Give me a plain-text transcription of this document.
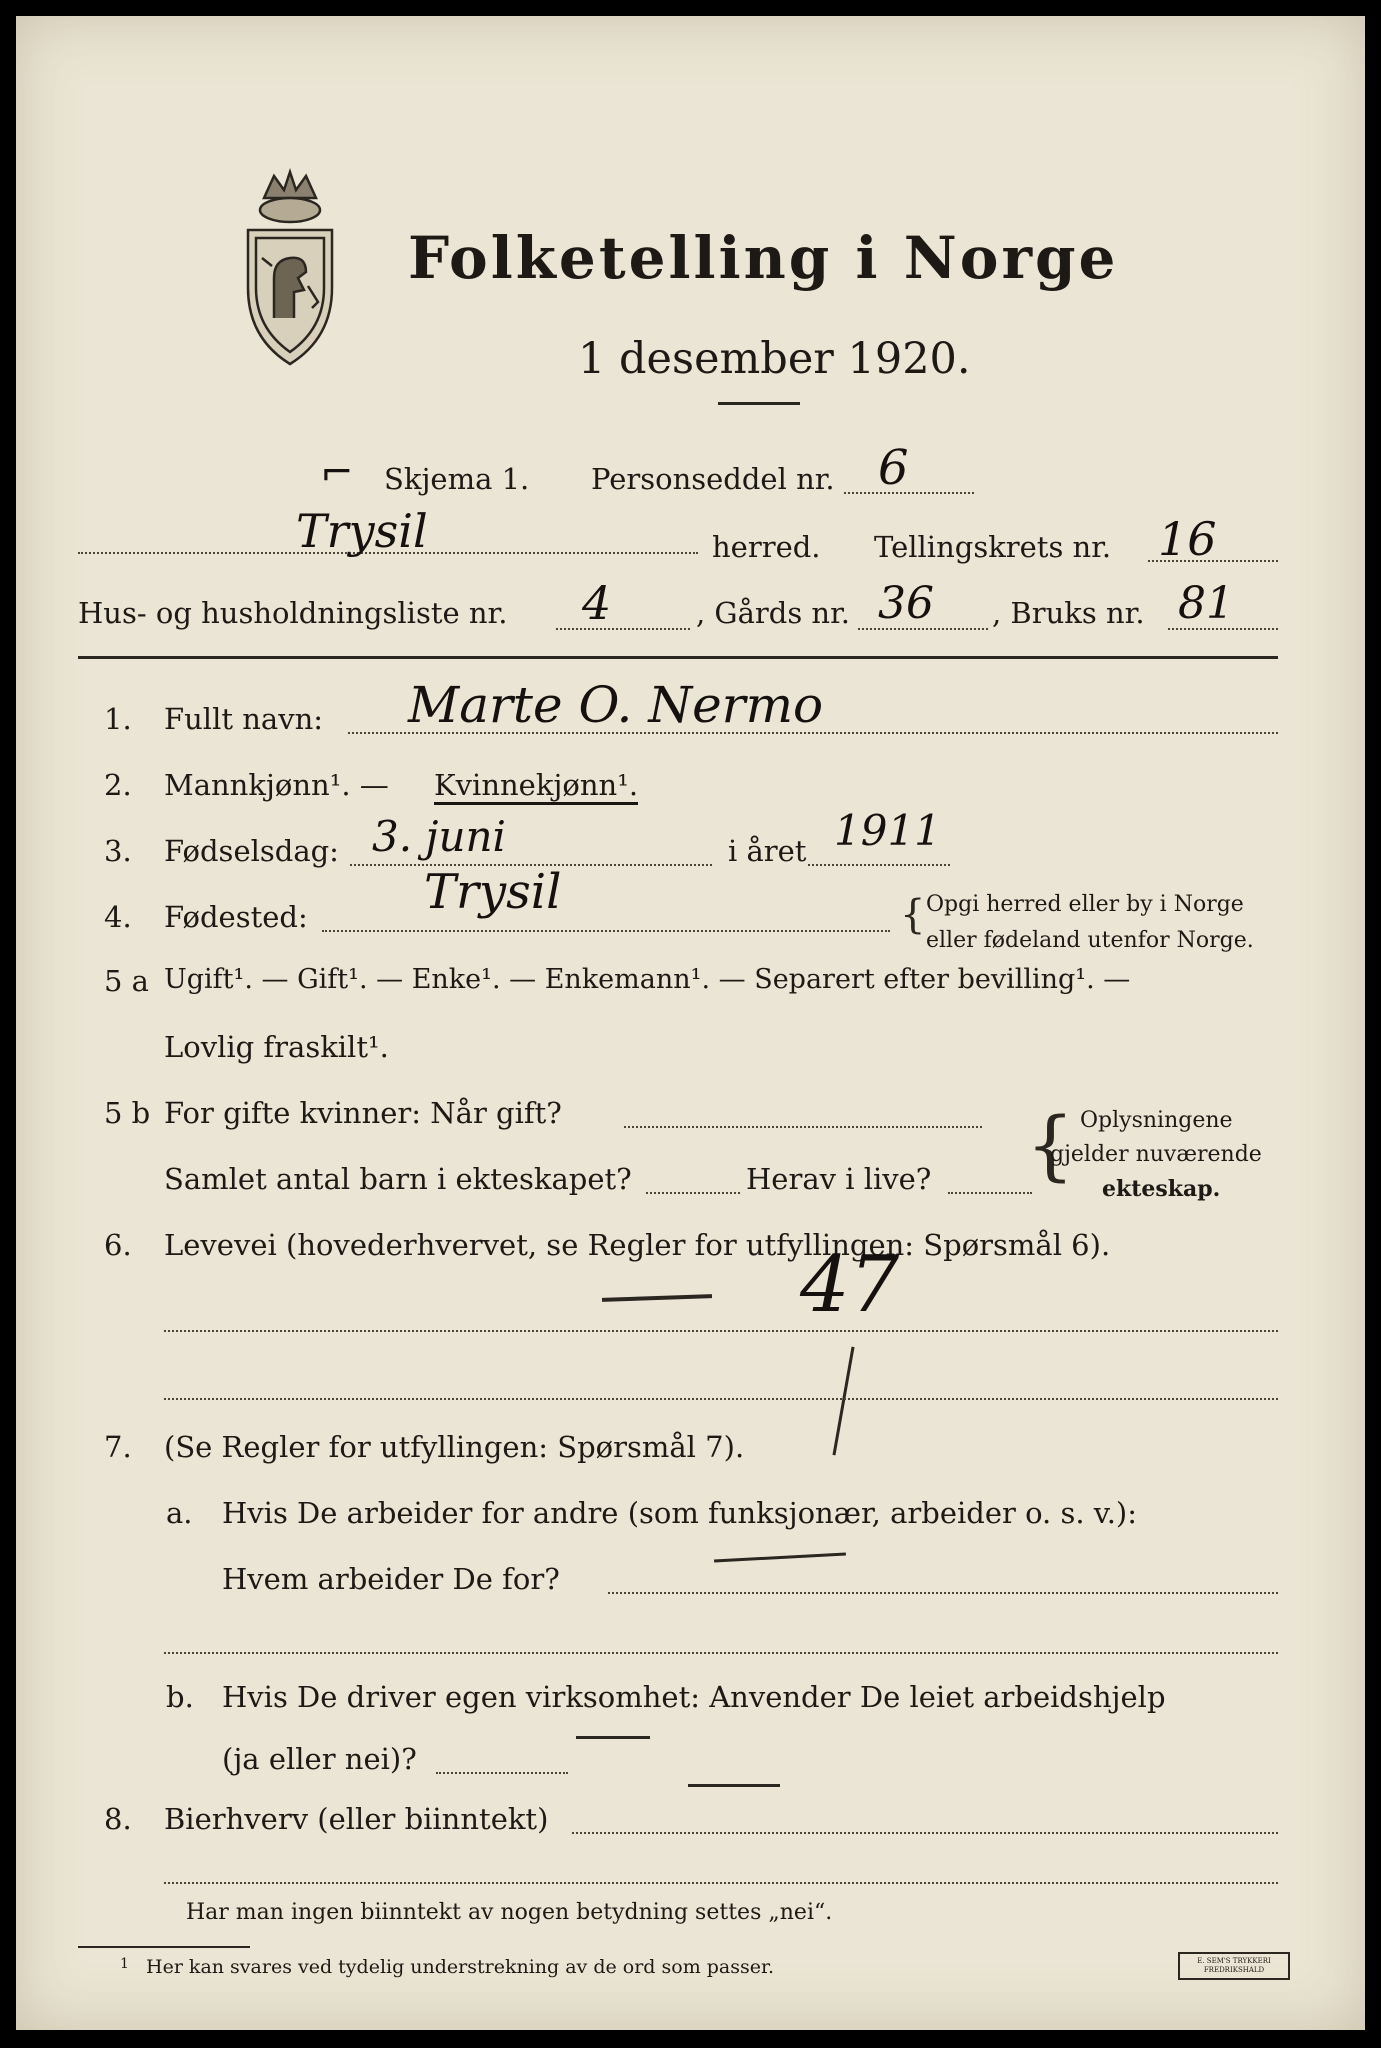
Folketelling i Norge
1 desember 1920.
⌐ Skjema 1. Personseddel nr. 6
Trysil	herred. Tellingskrets nr. 16
Hus- og husholdningsliste nr. 4	, Gårds nr. 36 , Bruks nr. 81
1. Fullt navn: Marte O. Nermo
2. Mannkjønn¹. — Kvinnekjønn¹.
3. Fødselsdag: 3. juni	i året 1911
4. Fødested: Trysil	{ Opgi herred eller by i Norge
eller fødeland utenfor Norge.
5 a Ugift¹. — Gift¹. — Enke¹. — Enkemann¹. — Separert efter bevilling¹. —
Lovlig fraskilt¹.
5 b For gifte kvinner: Når gift?
Samlet antal barn i ekteskapet?	Herav i live? { Oplysningene
gjelder nuværende
ekteskap.
6. Levevei (hovederhvervet, se Regler for utfyllingen: Spørsmål 6).
47
7. (Se Regler for utfyllingen: Spørsmål 7).
a. Hvis De arbeider for andre (som funksjonær, arbeider o. s. v.):
Hvem arbeider De for?
b. Hvis De driver egen virksomhet: Anvender De leiet arbeidshjelp
(ja eller nei)?
8. Bierhverv (eller biinntekt)
Har man ingen biinntekt av nogen betydning settes „nei“.
1 Her kan svares ved tydelig understrekning av de ord som passer.	E. SEM'S TRYKKERI FREDRIKSHALD
